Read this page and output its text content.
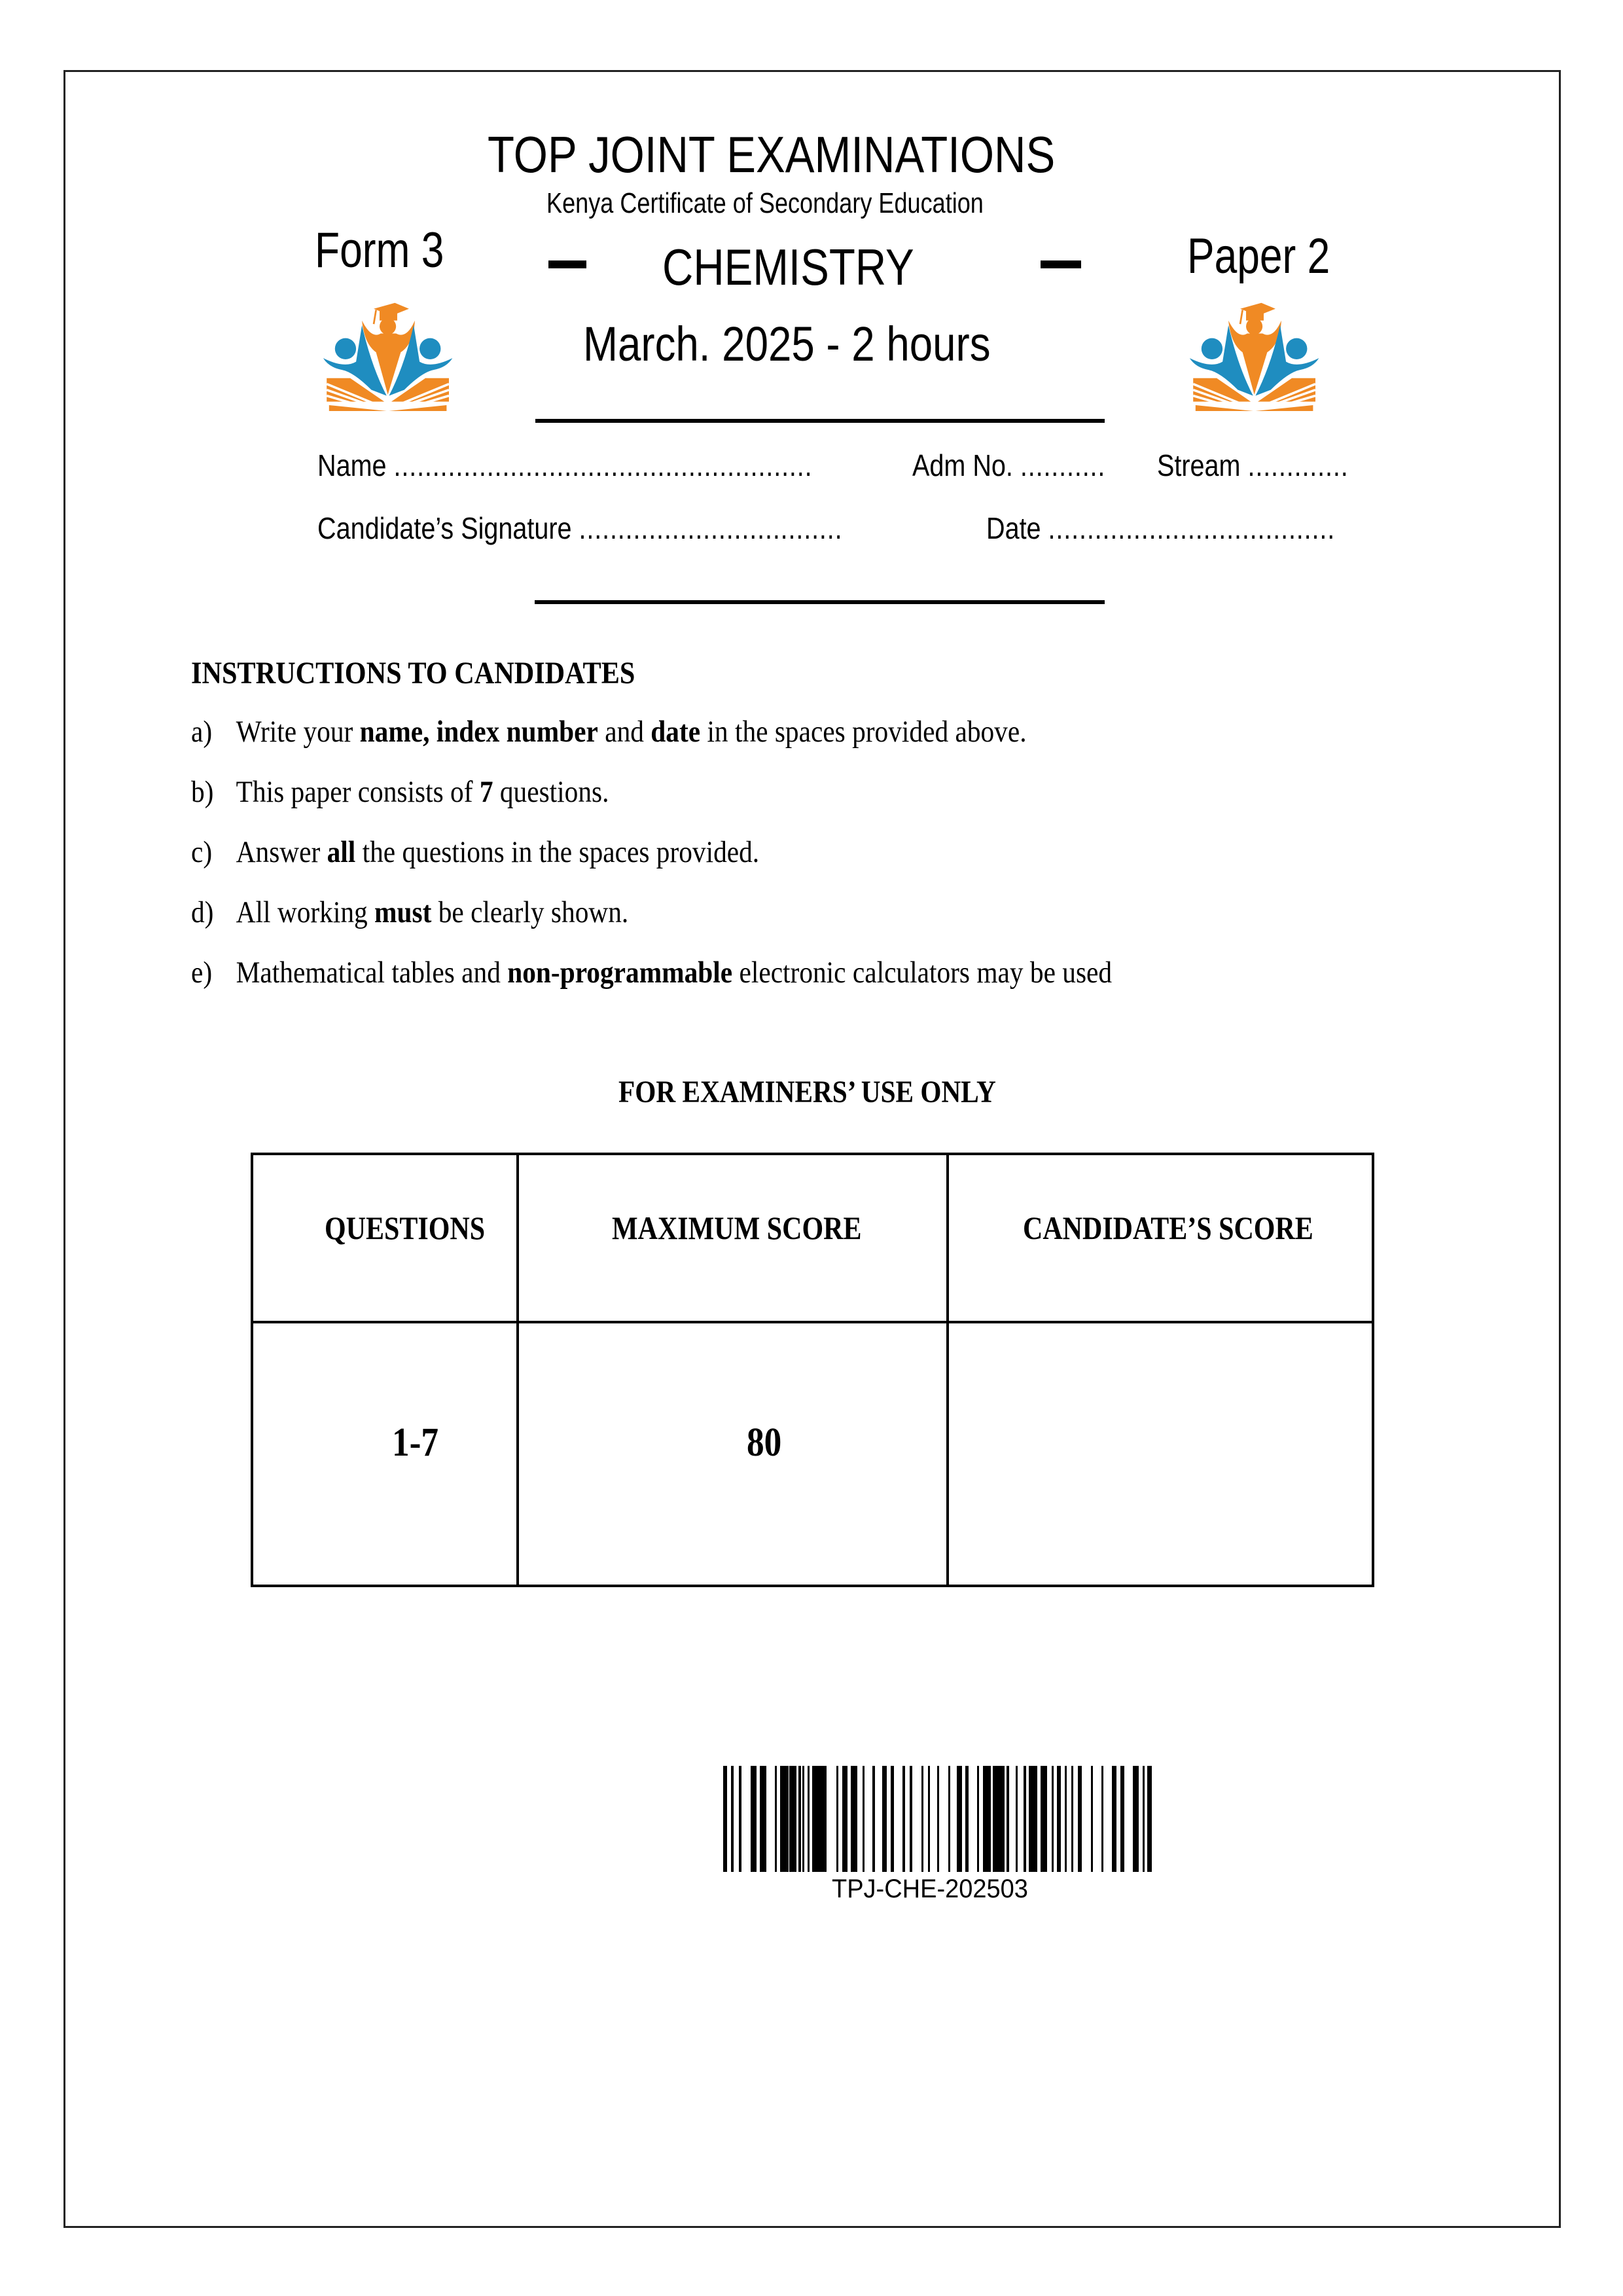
TOP JOINT EXAMINATIONS
Kenya Certificate of Secondary Education
Form 3	CHEMISTRY	Paper 2
March. 2025 - 2 hours
Name ......................................................	Adm No. ........... Stream .............
Candidate’s Signature ..................................	Date .....................................
INSTRUCTIONS TO CANDIDATES
a) Write your name, index number and date in the spaces provided above.
b) This paper consists of 7 questions.
c) Answer all the questions in the spaces provided.
d) All working must be clearly shown.
e) Mathematical tables and non-programmable electronic calculators may be used
FOR EXAMINERS’ USE ONLY
QUESTIONS	MAXIMUM SCORE	CANDIDATE’S SCORE
1-7	80
TPJ-CHE-202503
